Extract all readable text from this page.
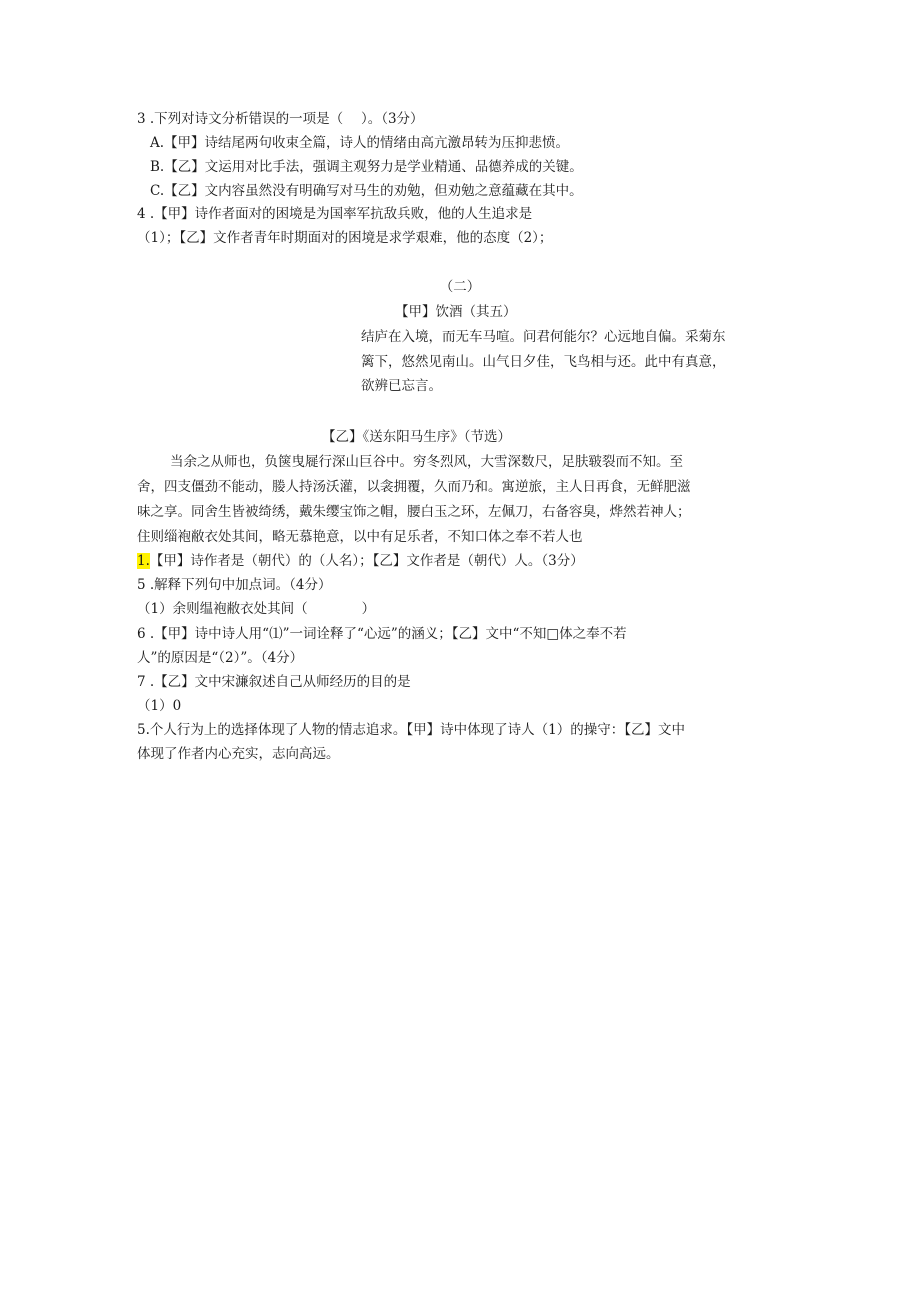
3 .下列对诗文分析错误的一项是（　 ）。（3分）
A.【甲】诗结尾两句收束全篇，诗人的情绪由高亢激昂转为压抑悲愤。
B.【乙】文运用对比手法，强调主观努力是学业精通、品德养成的关键。
C.【乙】文内容虽然没有明确写对马生的劝勉，但劝勉之意蕴藏在其中。
4 .【甲】诗作者面对的困境是为国率军抗敌兵败，他的人生追求是
（1）；【乙】文作者青年时期面对的困境是求学艰难，他的态度（2）；
（二）
【甲】饮酒（其五）
结庐在入境，而无车马喧。问君何能尔？心远地自偏。采菊东
篱下，悠然见南山。山气日夕佳，飞鸟相与还。此中有真意，
欲辨已忘言。
【乙】《送东阳马生序》（节选）
当余之从师也，负箧曳屣行深山巨谷中。穷冬烈风，大雪深数尺，足肤皲裂而不知。至
舍，四支僵劲不能动，媵人持汤沃灌，以衾拥覆，久而乃和。寓逆旅，主人日再食，无鲜肥滋
味之享。同舍生皆被绮绣，戴朱缨宝饰之帽，腰白玉之环，左佩刀，右备容臭，烨然若神人；
住则缁袍敝衣处其间，略无慕艳意，以中有足乐者，不知口体之奉不若人也
1.【甲】诗作者是（朝代）的（人名）；【乙】文作者是（朝代）人。（3分）
5 .解释下列句中加点词。（4分）
（1）余则缊袍敝衣处其间（　　　　）
6 .【甲】诗中诗人用“⑴”一词诠释了“心远”的涵义；【乙】文中“不知□体之奉不若
人”的原因是“（2）”。（4分）
7 .【乙】文中宋濂叙述自己从师经历的目的是
（1）0
5.个人行为上的选择体现了人物的情志追求。【甲】诗中体现了诗人（1）的操守：【乙】文中
体现了作者内心充实，志向高远。
